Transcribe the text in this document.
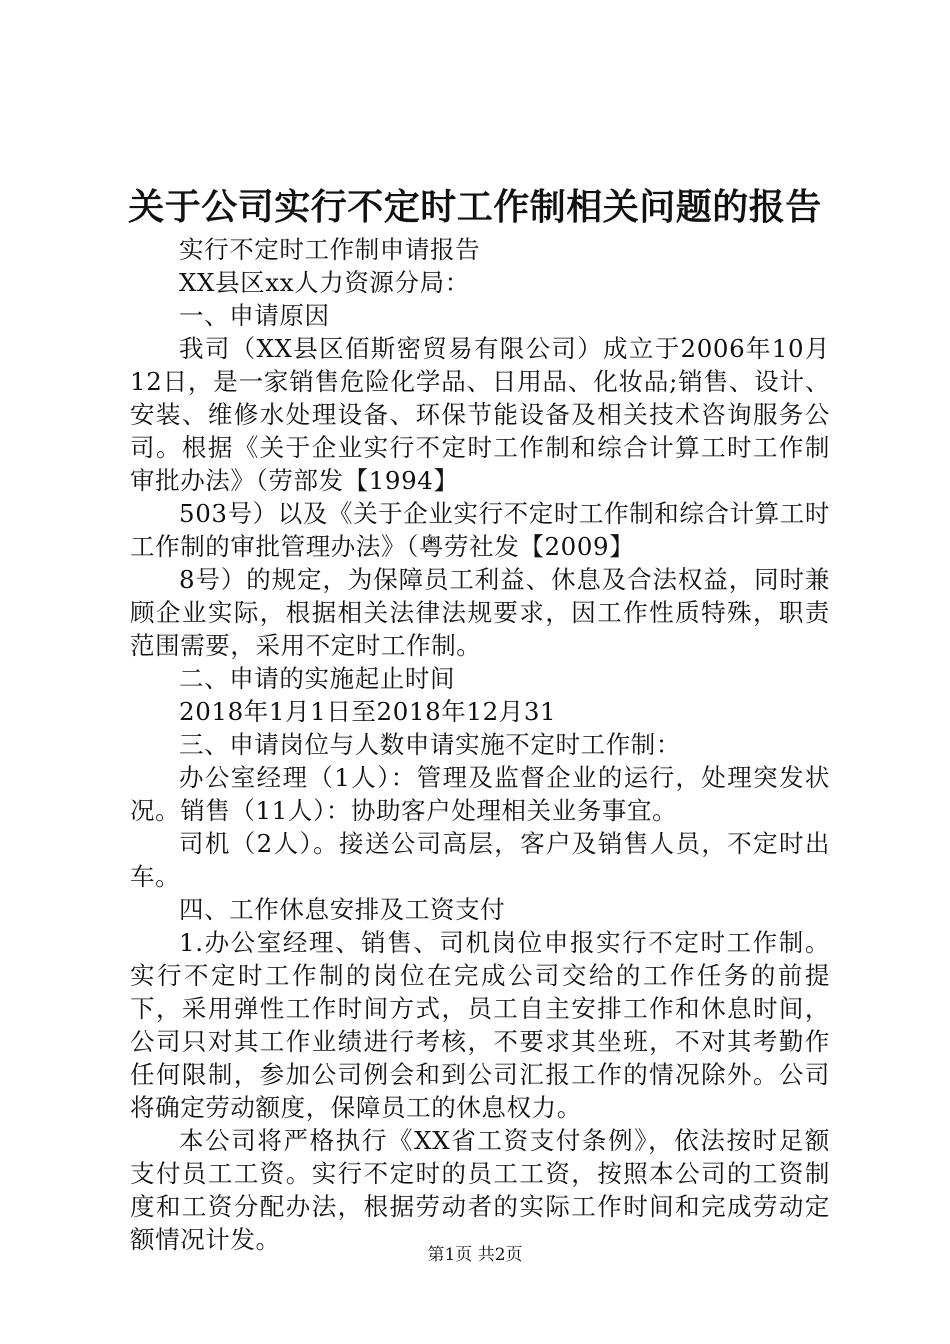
关于公司实行不定时工作制相关问题的报告

实行不定时工作制申请报告

XX县区xx人力资源分局：

一、申请原因

我司（XX县区佰斯密贸易有限公司）成立于2006年10月12日，是一家销售危险化学品、日用品、化妆品;销售、设计、安装、维修水处理设备、环保节能设备及相关技术咨询服务公司。根据《关于企业实行不定时工作制和综合计算工时工作制审批办法》（劳部发【1994】

503号）以及《关于企业实行不定时工作制和综合计算工时工作制的审批管理办法》（粤劳社发【2009】

8号）的规定，为保障员工利益、休息及合法权益，同时兼顾企业实际，根据相关法律法规要求，因工作性质特殊，职责范围需要，采用不定时工作制。

二、申请的实施起止时间

2018年1月1日至2018年12月31

三、申请岗位与人数申请实施不定时工作制：

办公室经理（1人）：管理及监督企业的运行，处理突发状况。销售（11人）：协助客户处理相关业务事宜。

司机（2人）。接送公司高层，客户及销售人员，不定时出车。

四、工作休息安排及工资支付

1.办公室经理、销售、司机岗位申报实行不定时工作制。实行不定时工作制的岗位在完成公司交给的工作任务的前提下，采用弹性工作时间方式，员工自主安排工作和休息时间，公司只对其工作业绩进行考核，不要求其坐班，不对其考勤作任何限制，参加公司例会和到公司汇报工作的情况除外。公司将确定劳动额度，保障员工的休息权力。

本公司将严格执行《XX省工资支付条例》，依法按时足额支付员工工资。实行不定时的员工工资，按照本公司的工资制度和工资分配办法，根据劳动者的实际工作时间和完成劳动定额情况计发。

第1页 共2页
